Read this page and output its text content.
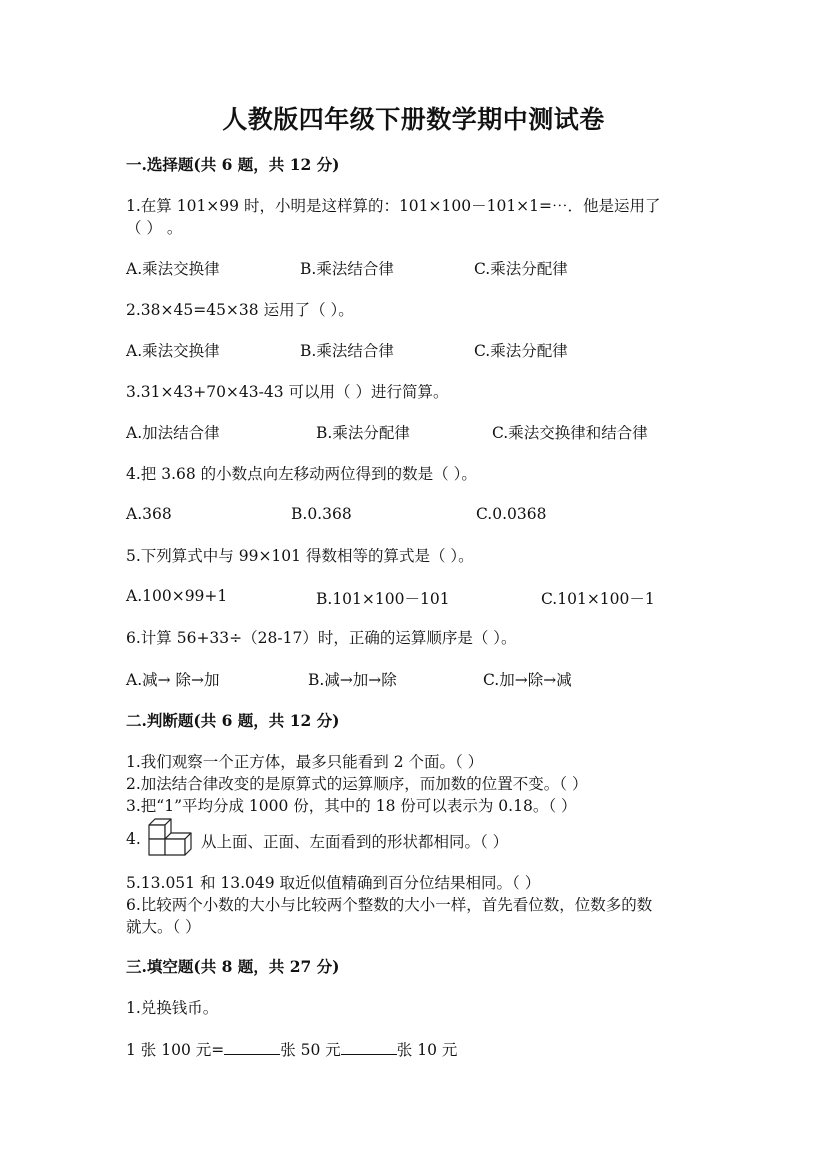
人教版四年级下册数学期中测试卷
一.选择题(共 6 题，共 12 分)
1.在算 101×99 时，小明是这样算的：101×100－101×1=⋯．他是运用了
（ ） 。
A.乘法交换律	B.乘法结合律	C.乘法分配律
2.38×45=45×38 运用了（ ）。
A.乘法交换律	B.乘法结合律	C.乘法分配律
3.31×43+70×43-43 可以用（ ）进行简算。
A.加法结合律	B.乘法分配律	C.乘法交换律和结合律
4.把 3.68 的小数点向左移动两位得到的数是（ ）。
A.368	B.0.368	C.0.0368
5.下列算式中与 99×101 得数相等的算式是（ ）。
A.100×99+1	B.101×100－101	C.101×100－1
6.计算 56+33÷（28-17）时，正确的运算顺序是（ ）。
A.减→ 除→加	B.减→加→除	C.加→除→减
二.判断题(共 6 题，共 12 分)
1.我们观察一个正方体，最多只能看到 2 个面。（ ）
2.加法结合律改变的是原算式的运算顺序，而加数的位置不变。（ ）
3.把“1”平均分成 1000 份，其中的 18 份可以表示为 0.18。（ ）
4.	从上面、正面、左面看到的形状都相同。（ ）
5.13.051 和 13.049 取近似值精确到百分位结果相同。（ ）
6.比较两个小数的大小与比较两个整数的大小一样，首先看位数，位数多的数
就大。（ ）
三.填空题(共 8 题，共 27 分)
1.兑换钱币。
1 张 100 元=	张 50 元	张 10 元
